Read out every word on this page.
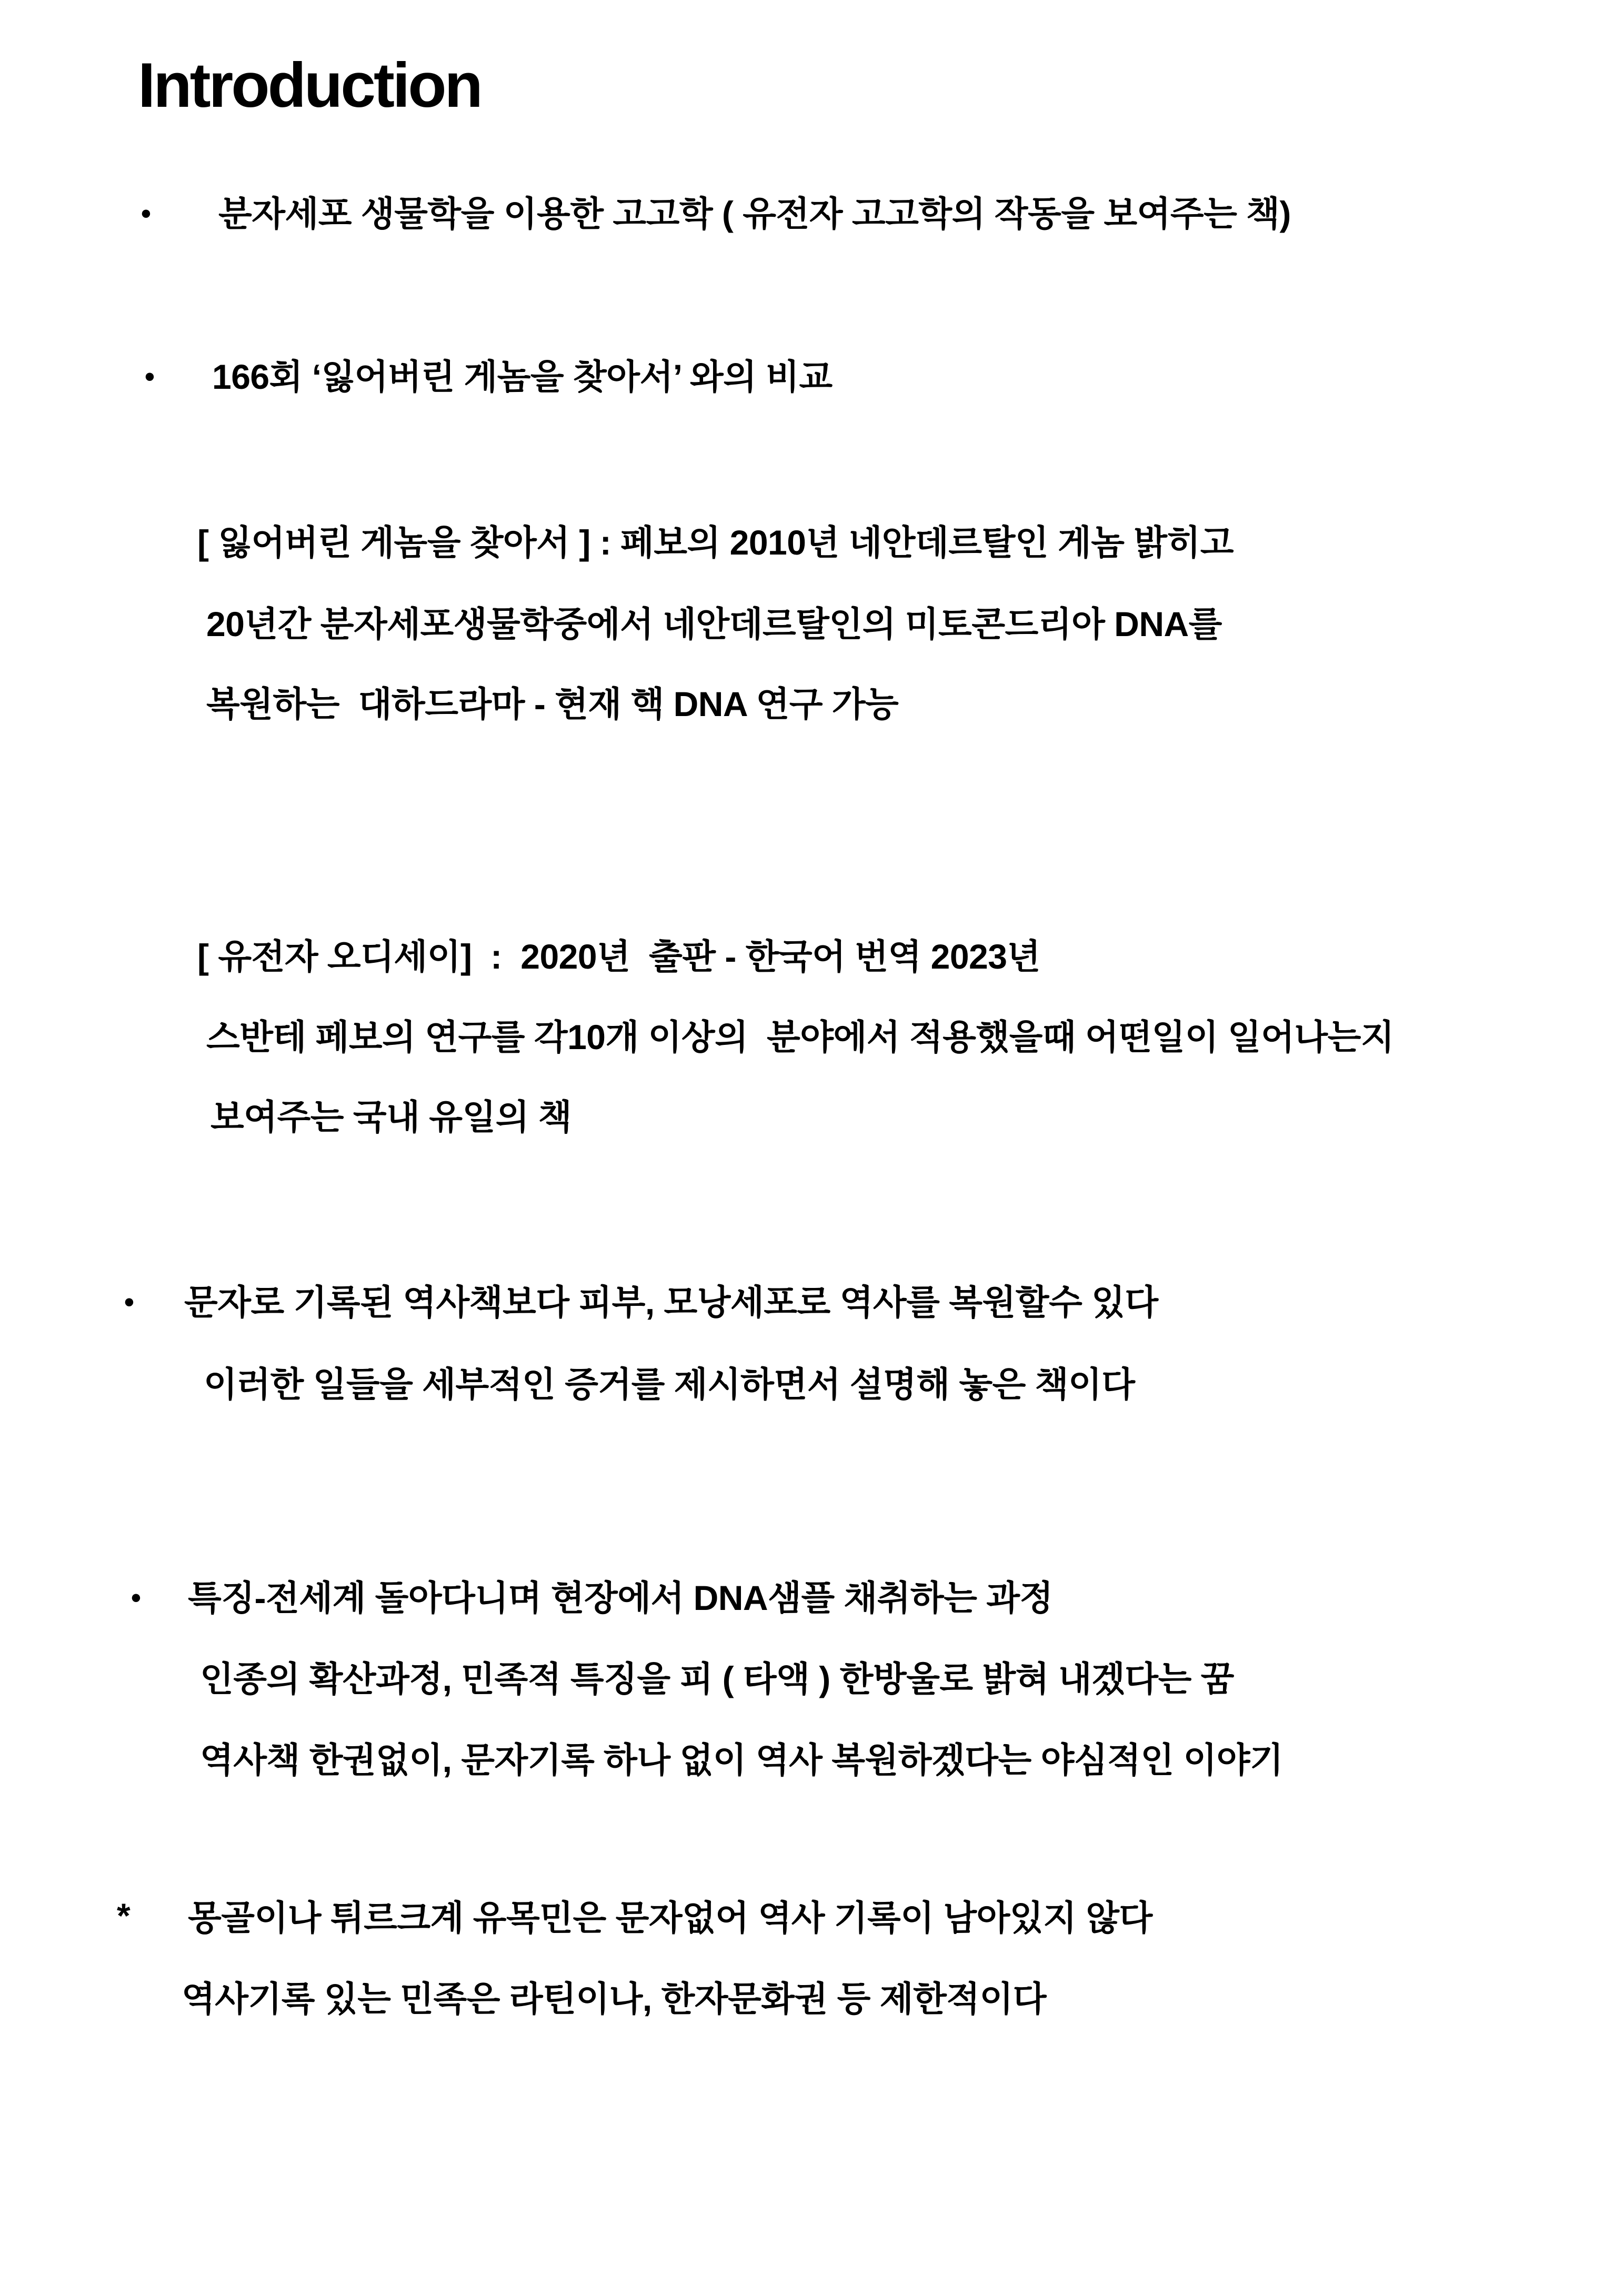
Introduction
• 분자세포 생물학을 이용한 고고학 ( 유전자 고고학의 작동을 보여주는 책)
• 166회 ‘잃어버린 게놈을 찾아서’ 와의 비교
[ 잃어버린 게놈을 찾아서 ] : 페보의 2010년 네안데르탈인 게놈 밝히고
20년간 분자세포생물학중에서 네안데르탈인의 미토콘드리아 DNA를
복원하는  대하드라마 - 현재 핵 DNA 연구 가능
[ 유전자 오디세이]  :  2020년  출판 - 한국어 번역 2023년
스반테 페보의 연구를 각10개 이상의  분야에서 적용했을때 어떤일이 일어나는지
보여주는 국내 유일의 책
• 문자로 기록된 역사책보다 피부, 모낭세포로 역사를 복원할수 있다
이러한 일들을 세부적인 증거를 제시하면서 설명해 놓은 책이다
• 특징-전세계 돌아다니며 현장에서 DNA샘플 채취하는 과정
인종의 확산과정, 민족적 특징을 피 ( 타액 ) 한방울로 밝혀 내겠다는 꿈
역사책 한권없이, 문자기록 하나 없이 역사 복원하겠다는 야심적인 이야기
* 몽골이나 튀르크계 유목민은 문자없어 역사 기록이 남아있지 않다
역사기록 있는 민족은 라틴이나, 한자문화권 등 제한적이다
